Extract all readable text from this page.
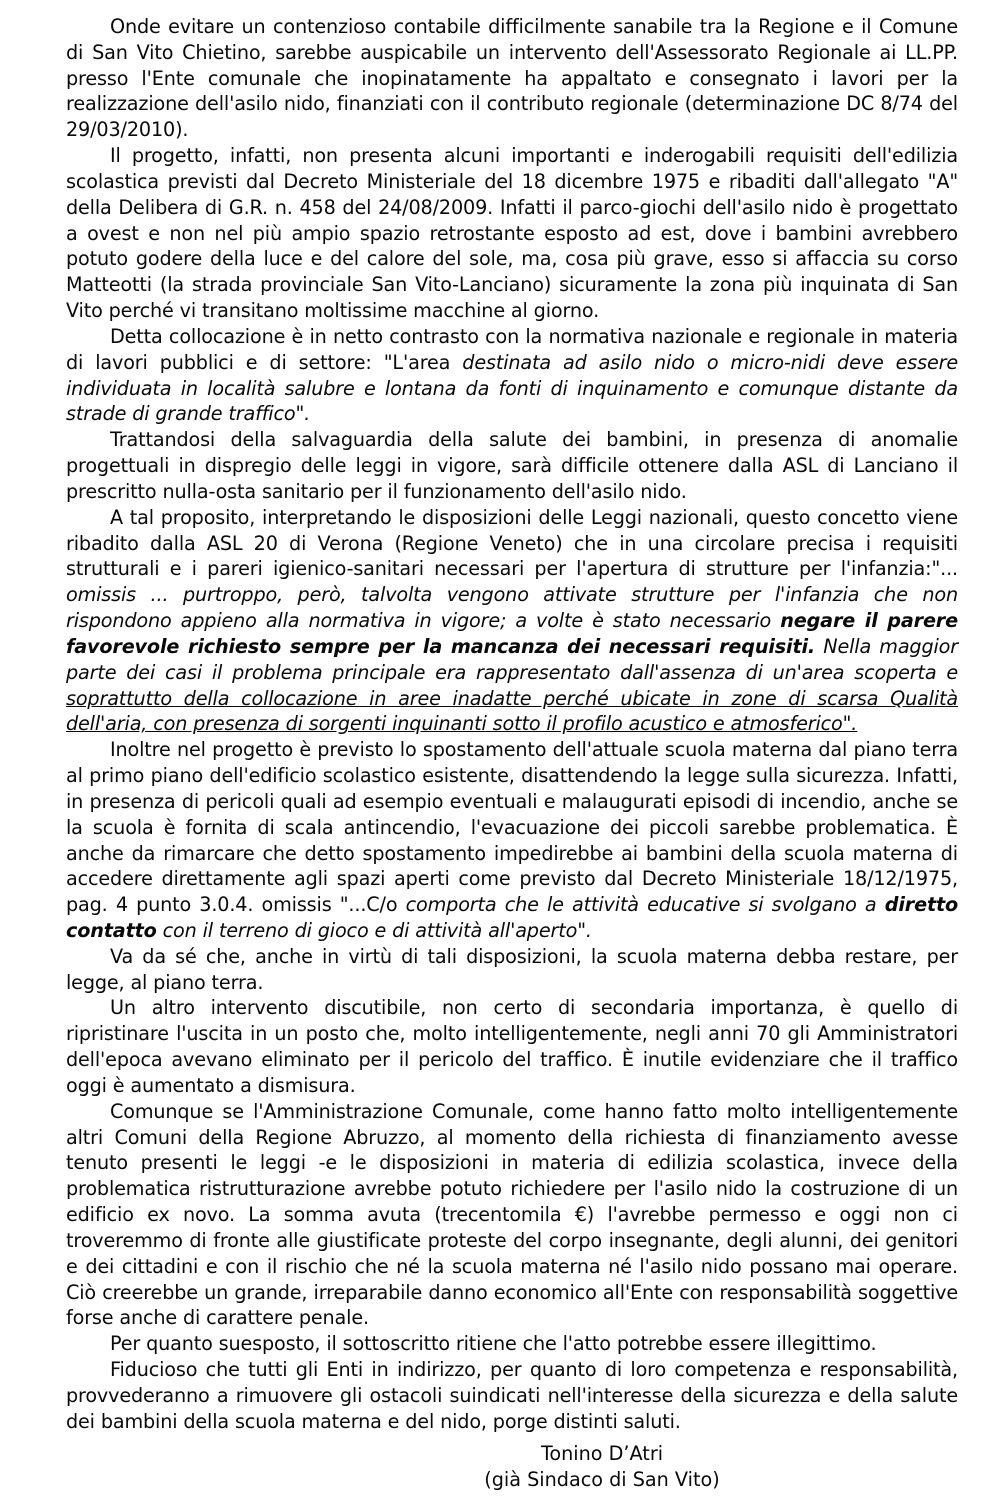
Onde evitare un contenzioso contabile difficilmente sanabile tra la Regione e il Comune di San Vito Chietino, sarebbe auspicabile un intervento dell'Assessorato Regionale ai LL.PP. presso l'Ente comunale che inopinatamente ha appaltato e consegnato i lavori per la realizzazione dell'asilo nido, finanziati con il contributo regionale (determinazione DC 8/74 del 29/03/2010).

Il progetto, infatti, non presenta alcuni importanti e inderogabili requisiti dell'edilizia scolastica previsti dal Decreto Ministeriale del 18 dicembre 1975 e ribaditi dall'allegato "A" della Delibera di G.R. n. 458 del 24/08/2009. Infatti il parco-giochi dell'asilo nido è progettato a ovest e non nel più ampio spazio retrostante esposto ad est, dove i bambini avrebbero potuto godere della luce e del calore del sole, ma, cosa più grave, esso si affaccia su corso Matteotti (la strada provinciale San Vito-Lanciano) sicuramente la zona più inquinata di San Vito perché vi transitano moltissime macchine al giorno.

Detta collocazione è in netto contrasto con la normativa nazionale e regionale in materia di lavori pubblici e di settore: "L'area destinata ad asilo nido o micro-nidi deve essere individuata in località salubre e lontana da fonti di inquinamento e comunque distante da strade di grande traffico".

Trattandosi della salvaguardia della salute dei bambini, in presenza di anomalie progettuali in dispregio delle leggi in vigore, sarà difficile ottenere dalla ASL di Lanciano il prescritto nulla-osta sanitario per il funzionamento dell'asilo nido.

A tal proposito, interpretando le disposizioni delle Leggi nazionali, questo concetto viene ribadito dalla ASL 20 di Verona (Regione Veneto) che in una circolare precisa i requisiti strutturali e i pareri igienico-sanitari necessari per l'apertura di strutture per l'infanzia:"... omissis ... purtroppo, però, talvolta vengono attivate strutture per l'infanzia che non rispondono appieno alla normativa in vigore; a volte è stato necessario negare il parere favorevole richiesto sempre per la mancanza dei necessari requisiti. Nella maggior parte dei casi il problema principale era rappresentato dall'assenza di un'area scoperta e soprattutto della collocazione in aree inadatte perché ubicate in zone di scarsa Qualità dell'aria, con presenza di sorgenti inquinanti sotto il profilo acustico e atmosferico".

Inoltre nel progetto è previsto lo spostamento dell'attuale scuola materna dal piano terra al primo piano dell'edificio scolastico esistente, disattendendo la legge sulla sicurezza. Infatti, in presenza di pericoli quali ad esempio eventuali e malaugurati episodi di incendio, anche se la scuola è fornita di scala antincendio, l'evacuazione dei piccoli sarebbe problematica. È anche da rimarcare che detto spostamento impedirebbe ai bambini della scuola materna di accedere direttamente agli spazi aperti come previsto dal Decreto Ministeriale 18/12/1975, pag. 4 punto 3.0.4. omissis "...C/o comporta che le attività educative si svolgano a diretto contatto con il terreno di gioco e di attività all'aperto".

Va da sé che, anche in virtù di tali disposizioni, la scuola materna debba restare, per legge, al piano terra.

Un altro intervento discutibile, non certo di secondaria importanza, è quello di ripristinare l'uscita in un posto che, molto intelligentemente, negli anni 70 gli Amministratori dell'epoca avevano eliminato per il pericolo del traffico. È inutile evidenziare che il traffico oggi è aumentato a dismisura.

Comunque se l'Amministrazione Comunale, come hanno fatto molto intelligentemente altri Comuni della Regione Abruzzo, al momento della richiesta di finanziamento avesse tenuto presenti le leggi -e le disposizioni in materia di edilizia scolastica, invece della problematica ristrutturazione avrebbe potuto richiedere per l'asilo nido la costruzione di un edificio ex novo. La somma avuta (trecentomila €) l'avrebbe permesso e oggi non ci troveremmo di fronte alle giustificate proteste del corpo insegnante, degli alunni, dei genitori e dei cittadini e con il rischio che né la scuola materna né l'asilo nido possano mai operare. Ciò creerebbe un grande, irreparabile danno economico all'Ente con responsabilità soggettive forse anche di carattere penale.

Per quanto suesposto, il sottoscritto ritiene che l'atto potrebbe essere illegittimo.

Fiducioso che tutti gli Enti in indirizzo, per quanto di loro competenza e responsabilità, provvederanno a rimuovere gli ostacoli suindicati nell'interesse della sicurezza e della salute dei bambini della scuola materna e del nido, porge distinti saluti.

Tonino D’Atri
(già Sindaco di San Vito)
